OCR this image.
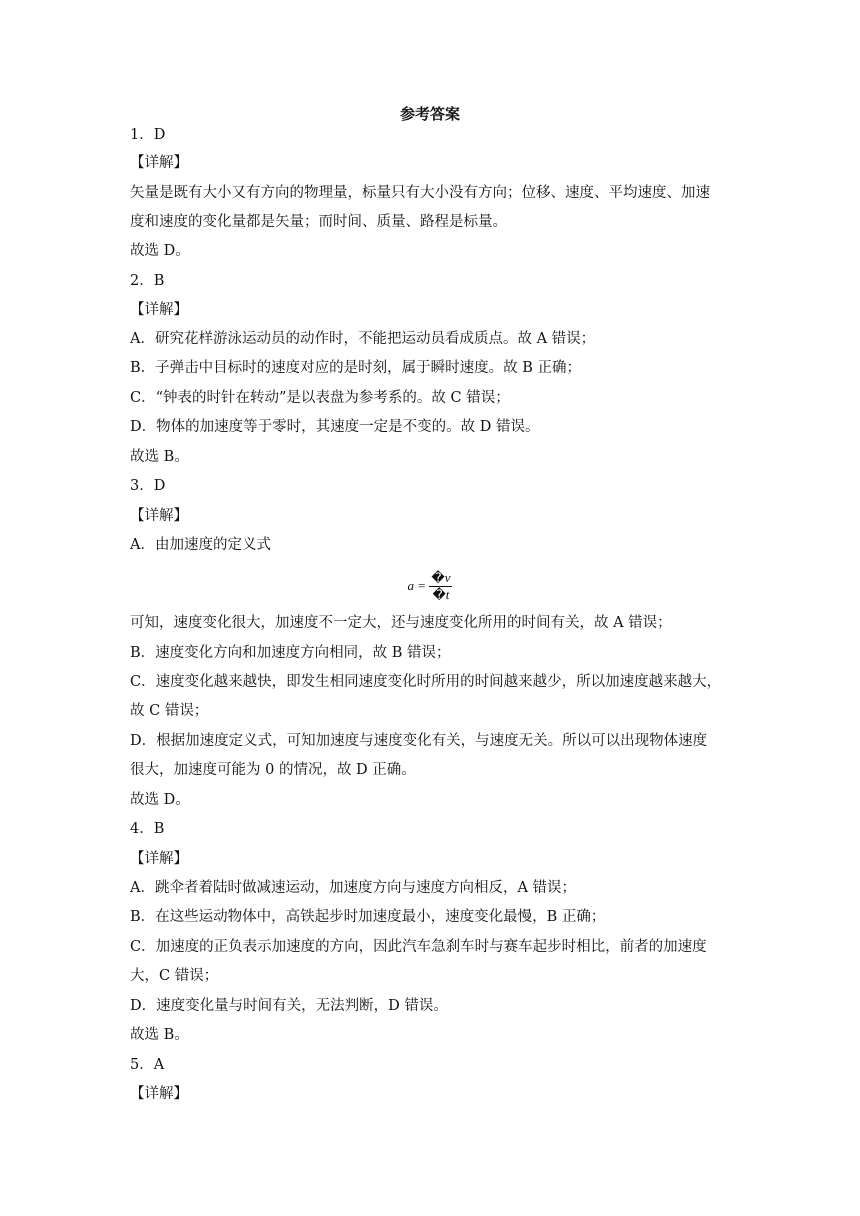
参考答案
1．D
【详解】
矢量是既有大小又有方向的物理量，标量只有大小没有方向；位移、速度、平均速度、加速
度和速度的变化量都是矢量；而时间、质量、路程是标量。
故选 D。
2．B
【详解】
A．研究花样游泳运动员的动作时，不能把运动员看成质点。故 A 错误；
B．子弹击中目标时的速度对应的是时刻，属于瞬时速度。故 B 正确；
C．“钟表的时针在转动”是以表盘为参考系的。故 C 错误；
D．物体的加速度等于零时，其速度一定是不变的。故 D 错误。
故选 B。
3．D
【详解】
A．由加速度的定义式
$a = \frac{�v}{�t}$
可知，速度变化很大，加速度不一定大，还与速度变化所用的时间有关，故 A 错误；
B．速度变化方向和加速度方向相同，故 B 错误；
C．速度变化越来越快，即发生相同速度变化时所用的时间越来越少，所以加速度越来越大，
故 C 错误；
D．根据加速度定义式，可知加速度与速度变化有关，与速度无关。所以可以出现物体速度
很大，加速度可能为 0 的情况，故 D 正确。
故选 D。
4．B
【详解】
A．跳伞者着陆时做减速运动，加速度方向与速度方向相反，A 错误；
B．在这些运动物体中，高铁起步时加速度最小，速度变化最慢，B 正确；
C．加速度的正负表示加速度的方向，因此汽车急刹车时与赛车起步时相比，前者的加速度
大，C 错误；
D．速度变化量与时间有关，无法判断，D 错误。
故选 B。
5．A
【详解】
